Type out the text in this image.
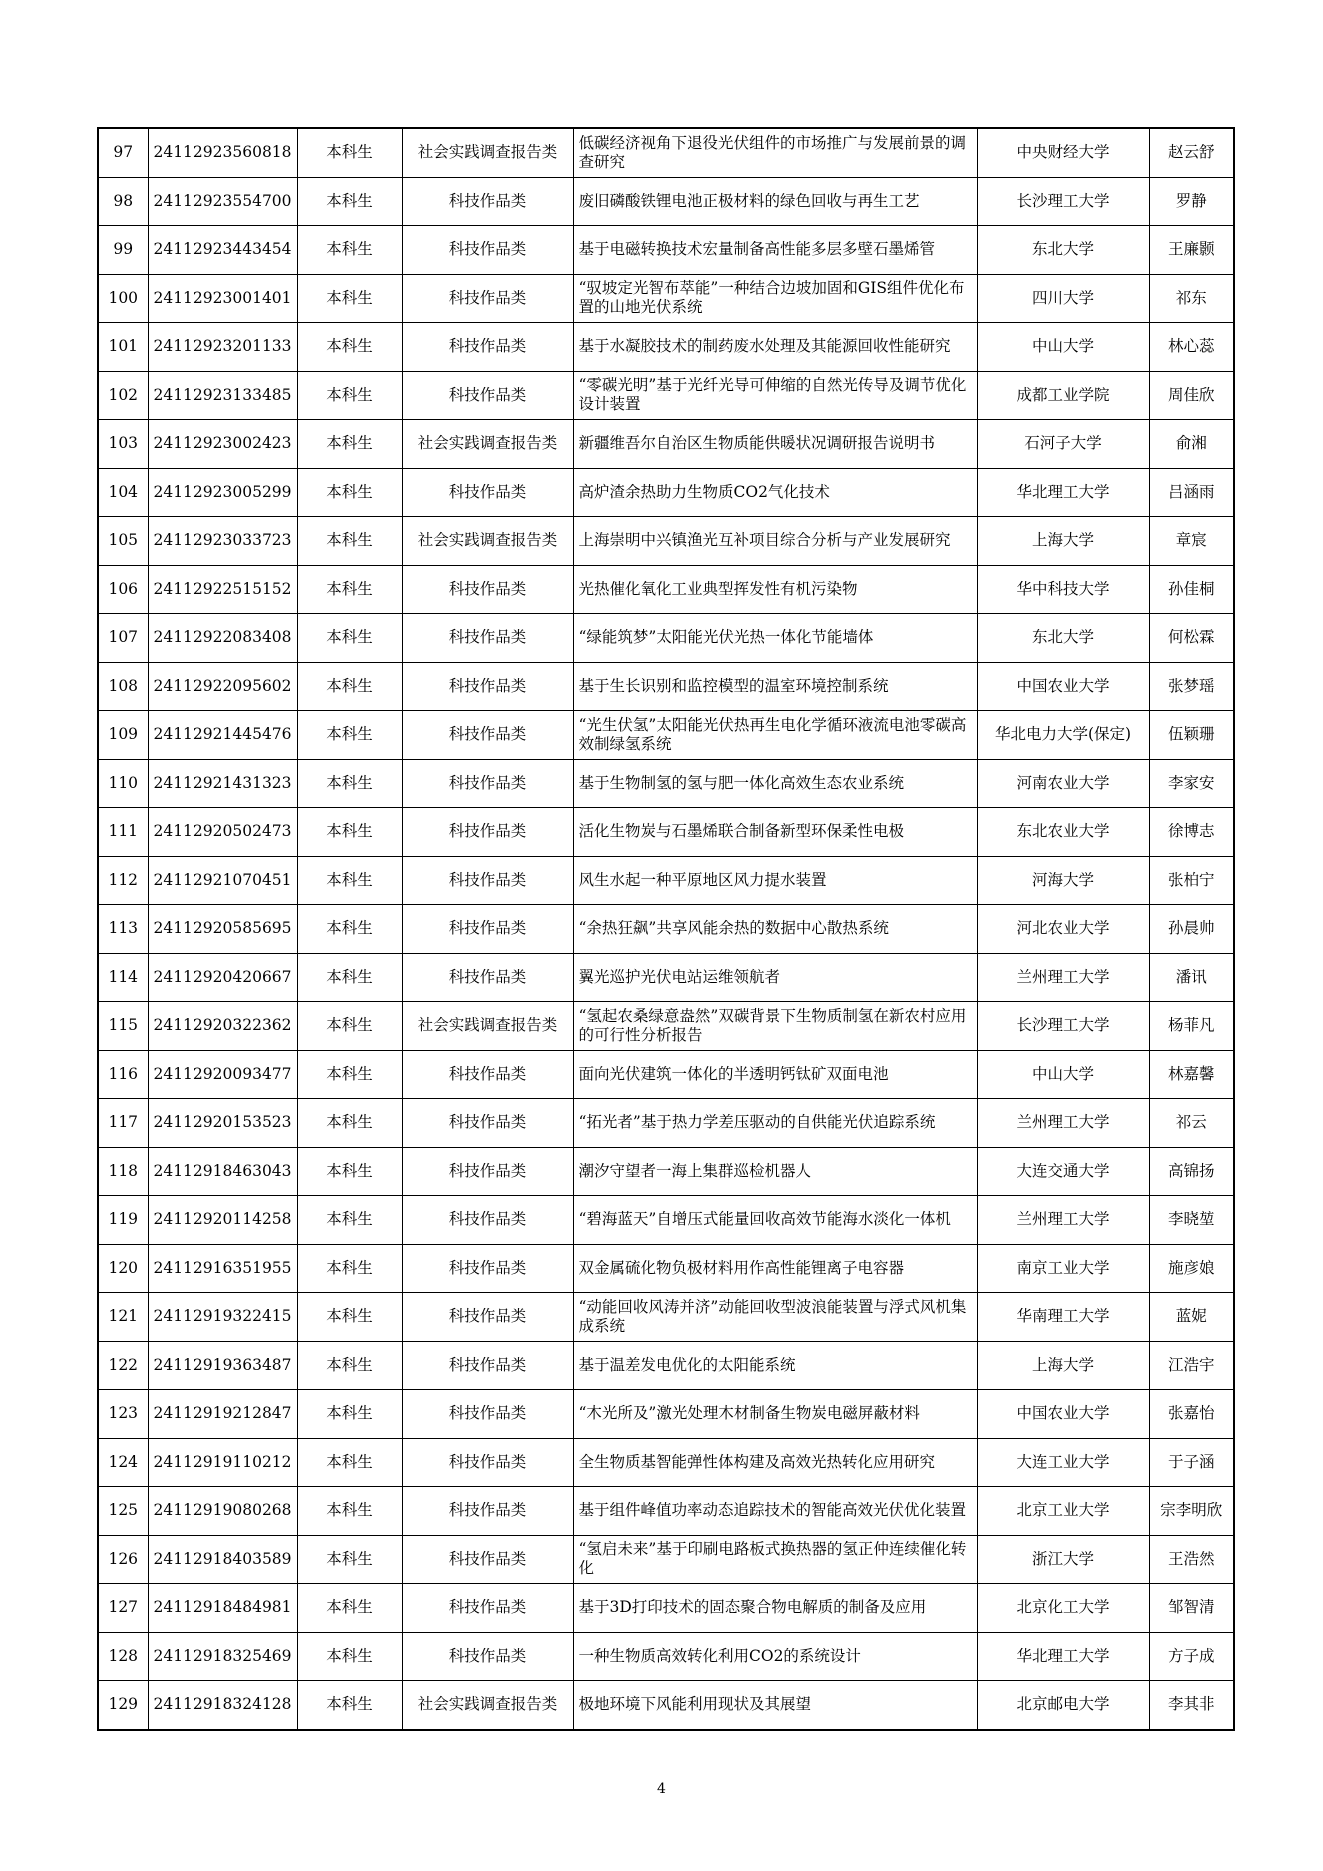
97	24112923560818	本科生	社会实践调查报告类	低碳经济视角下退役光伏组件的市场推广与发展前景的调查研究	中央财经大学	赵云舒
98	24112923554700	本科生	科技作品类	废旧磷酸铁锂电池正极材料的绿色回收与再生工艺	长沙理工大学	罗静
99	24112923443454	本科生	科技作品类	基于电磁转换技术宏量制备高性能多层多壁石墨烯管	东北大学	王廉颢
100	24112923001401	本科生	科技作品类	“驭坡定光智布萃能”一种结合边坡加固和GIS组件优化布置的山地光伏系统	四川大学	祁东
101	24112923201133	本科生	科技作品类	基于水凝胶技术的制药废水处理及其能源回收性能研究	中山大学	林心蕊
102	24112923133485	本科生	科技作品类	“零碳光明”基于光纤光导可伸缩的自然光传导及调节优化设计装置	成都工业学院	周佳欣
103	24112923002423	本科生	社会实践调查报告类	新疆维吾尔自治区生物质能供暖状况调研报告说明书	石河子大学	俞湘
104	24112923005299	本科生	科技作品类	高炉渣余热助力生物质CO2气化技术	华北理工大学	吕涵雨
105	24112923033723	本科生	社会实践调查报告类	上海崇明中兴镇渔光互补项目综合分析与产业发展研究	上海大学	章宸
106	24112922515152	本科生	科技作品类	光热催化氧化工业典型挥发性有机污染物	华中科技大学	孙佳桐
107	24112922083408	本科生	科技作品类	“绿能筑梦”太阳能光伏光热一体化节能墙体	东北大学	何松霖
108	24112922095602	本科生	科技作品类	基于生长识别和监控模型的温室环境控制系统	中国农业大学	张梦瑶
109	24112921445476	本科生	科技作品类	“光生伏氢”太阳能光伏热再生电化学循环液流电池零碳高效制绿氢系统	华北电力大学(保定)	伍颖珊
110	24112921431323	本科生	科技作品类	基于生物制氢的氢与肥一体化高效生态农业系统	河南农业大学	李家安
111	24112920502473	本科生	科技作品类	活化生物炭与石墨烯联合制备新型环保柔性电极	东北农业大学	徐博志
112	24112921070451	本科生	科技作品类	风生水起一种平原地区风力提水装置	河海大学	张柏宁
113	24112920585695	本科生	科技作品类	“余热狂飙”共享风能余热的数据中心散热系统	河北农业大学	孙晨帅
114	24112920420667	本科生	科技作品类	翼光巡护光伏电站运维领航者	兰州理工大学	潘讯
115	24112920322362	本科生	社会实践调查报告类	“氢起农桑绿意盎然”双碳背景下生物质制氢在新农村应用的可行性分析报告	长沙理工大学	杨菲凡
116	24112920093477	本科生	科技作品类	面向光伏建筑一体化的半透明钙钛矿双面电池	中山大学	林嘉馨
117	24112920153523	本科生	科技作品类	“拓光者”基于热力学差压驱动的自供能光伏追踪系统	兰州理工大学	祁云
118	24112918463043	本科生	科技作品类	潮汐守望者一海上集群巡检机器人	大连交通大学	高锦扬
119	24112920114258	本科生	科技作品类	“碧海蓝天”自增压式能量回收高效节能海水淡化一体机	兰州理工大学	李晓堃
120	24112916351955	本科生	科技作品类	双金属硫化物负极材料用作高性能锂离子电容器	南京工业大学	施彦娘
121	24112919322415	本科生	科技作品类	“动能回收风涛并济”动能回收型波浪能装置与浮式风机集成系统	华南理工大学	蓝妮
122	24112919363487	本科生	科技作品类	基于温差发电优化的太阳能系统	上海大学	江浩宇
123	24112919212847	本科生	科技作品类	“木光所及”激光处理木材制备生物炭电磁屏蔽材料	中国农业大学	张嘉怡
124	24112919110212	本科生	科技作品类	全生物质基智能弹性体构建及高效光热转化应用研究	大连工业大学	于子涵
125	24112919080268	本科生	科技作品类	基于组件峰值功率动态追踪技术的智能高效光伏优化装置	北京工业大学	宗李明欣
126	24112918403589	本科生	科技作品类	“氢启未来”基于印刷电路板式换热器的氢正仲连续催化转化	浙江大学	王浩然
127	24112918484981	本科生	科技作品类	基于3D打印技术的固态聚合物电解质的制备及应用	北京化工大学	邹智清
128	24112918325469	本科生	科技作品类	一种生物质高效转化利用CO2的系统设计	华北理工大学	方子成
129	24112918324128	本科生	社会实践调查报告类	极地环境下风能利用现状及其展望	北京邮电大学	李其非
4
